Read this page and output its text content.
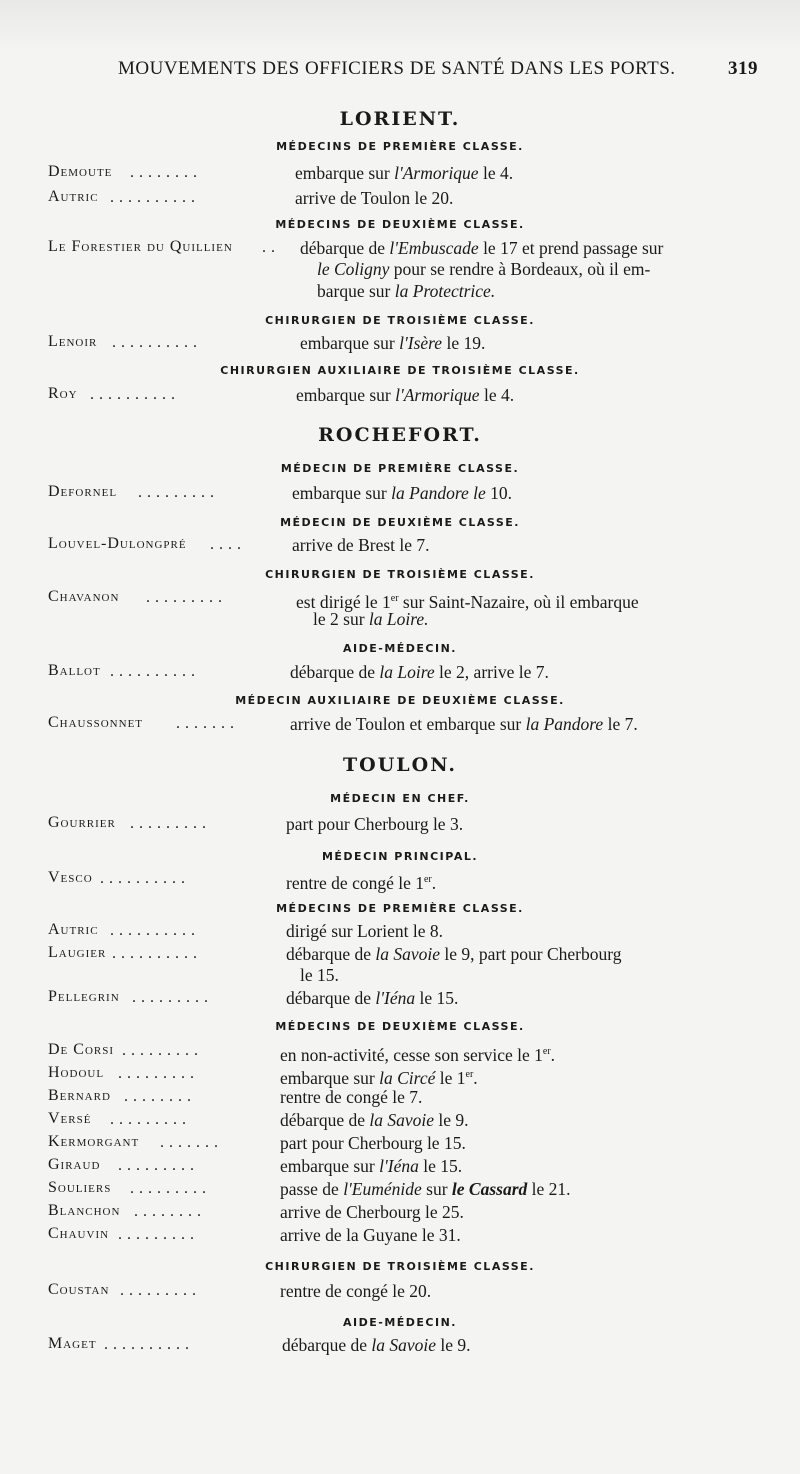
MOUVEMENTS DES OFFICIERS DE SANTÉ DANS LES PORTS.	319
LORIENT.
MÉDECINS DE PREMIÈRE CLASSE.
Demoute ........	embarque sur l'Armorique le 4.
Autric ..........	arrive de Toulon le 20.
MÉDECINS DE DEUXIÈME CLASSE.
Le Forestier du Quillien .. débarque de l'Embuscade le 17 et prend passage sur
le Coligny pour se rendre à Bordeaux, où il em-
barque sur la Protectrice.
CHIRURGIEN DE TROISIÈME CLASSE.
Lenoir ..........	embarque sur l'Isère le 19.
CHIRURGIEN AUXILIAIRE DE TROISIÈME CLASSE.
Roy ..........	embarque sur l'Armorique le 4.
ROCHEFORT.
MÉDECIN DE PREMIÈRE CLASSE.
Defornel .........	embarque sur la Pandore le 10.
MÉDECIN DE DEUXIÈME CLASSE.
Louvel-Dulongpré ....	arrive de Brest le 7.
CHIRURGIEN DE TROISIÈME CLASSE.
Chavanon .........	est dirigé le 1er sur Saint-Nazaire, où il embarque
le 2 sur la Loire.
AIDE-MÉDECIN.
Ballot ..........	débarque de la Loire le 2, arrive le 7.
MÉDECIN AUXILIAIRE DE DEUXIÈME CLASSE.
Chaussonnet .......	arrive de Toulon et embarque sur la Pandore le 7.
TOULON.
MÉDECIN EN CHEF.
Gourrier .........	part pour Cherbourg le 3.
MÉDECIN PRINCIPAL.
Vesco ..........	rentre de congé le 1er.
MÉDECINS DE PREMIÈRE CLASSE.
Autric ..........	dirigé sur Lorient le 8.
Laugier ..........	débarque de la Savoie le 9, part pour Cherbourg
le 15.
Pellegrin .........	débarque de l'Iéna le 15.
MÉDECINS DE DEUXIÈME CLASSE.
De Corsi .........	en non-activité, cesse son service le 1er.
Hodoul .........	embarque sur la Circé le 1er.
Bernard ........	rentre de congé le 7.
Versé .........	débarque de la Savoie le 9.
Kermorgant .......	part pour Cherbourg le 15.
Giraud .........	embarque sur l'Iéna le 15.
Souliers .........	passe de l'Euménide sur le Cassard le 21.
Blanchon ........	arrive de Cherbourg le 25.
Chauvin .........	arrive de la Guyane le 31.
CHIRURGIEN DE TROISIÈME CLASSE.
Coustan .........	rentre de congé le 20.
AIDE-MÉDECIN.
Maget ..........	débarque de la Savoie le 9.
